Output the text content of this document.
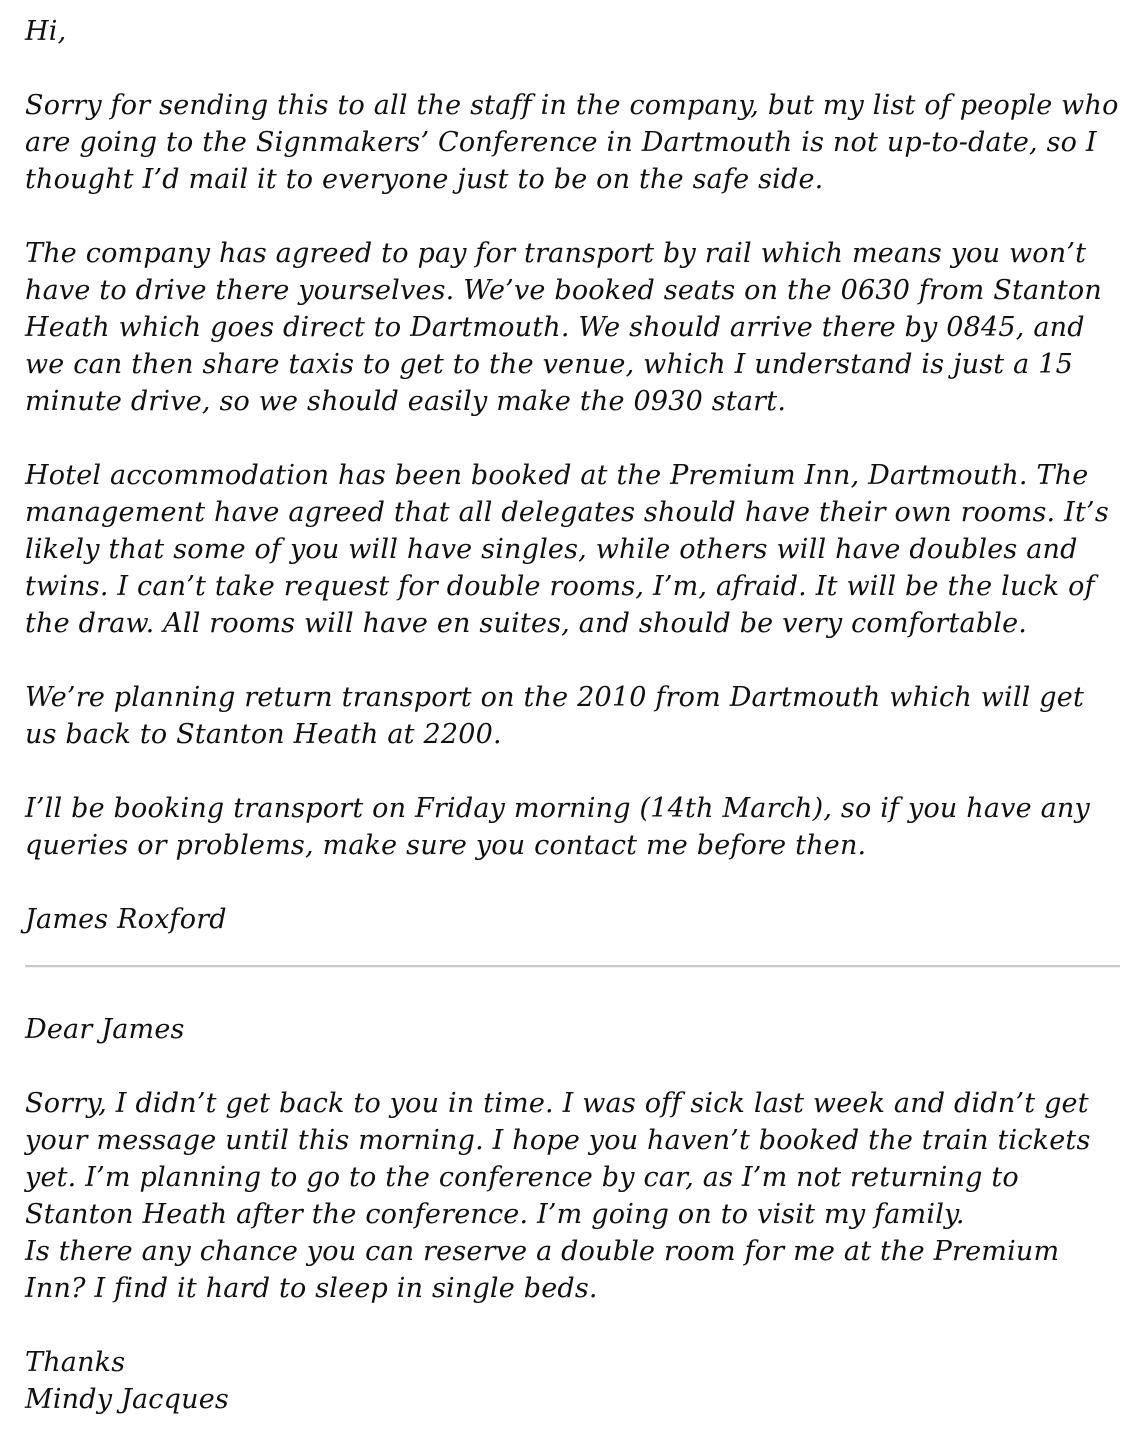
Hi,

Sorry for sending this to all the staff in the company, but my list of people who are going to the Signmakers’ Conference in Dartmouth is not up-to-date, so I thought I’d mail it to everyone just to be on the safe side.

The company has agreed to pay for transport by rail which means you won’t have to drive there yourselves. We’ve booked seats on the 0630 from Stanton Heath which goes direct to Dartmouth. We should arrive there by 0845, and we can then share taxis to get to the venue, which I understand is just a 15 minute drive, so we should easily make the 0930 start.

Hotel accommodation has been booked at the Premium Inn, Dartmouth. The management have agreed that all delegates should have their own rooms. It’s likely that some of you will have singles, while others will have doubles and twins. I can’t take request for double rooms, I’m, afraid. It will be the luck of the draw. All rooms will have en suites, and should be very comfortable.

We’re planning return transport on the 2010 from Dartmouth which will get us back to Stanton Heath at 2200.

I’ll be booking transport on Friday morning (14th March), so if you have any queries or problems, make sure you contact me before then.

James Roxford

Dear James

Sorry, I didn’t get back to you in time. I was off sick last week and didn’t get your message until this morning. I hope you haven’t booked the train tickets yet. I’m planning to go to the conference by car, as I’m not returning to Stanton Heath after the conference. I’m going on to visit my family.
Is there any chance you can reserve a double room for me at the Premium Inn? I find it hard to sleep in single beds.

Thanks
Mindy Jacques
